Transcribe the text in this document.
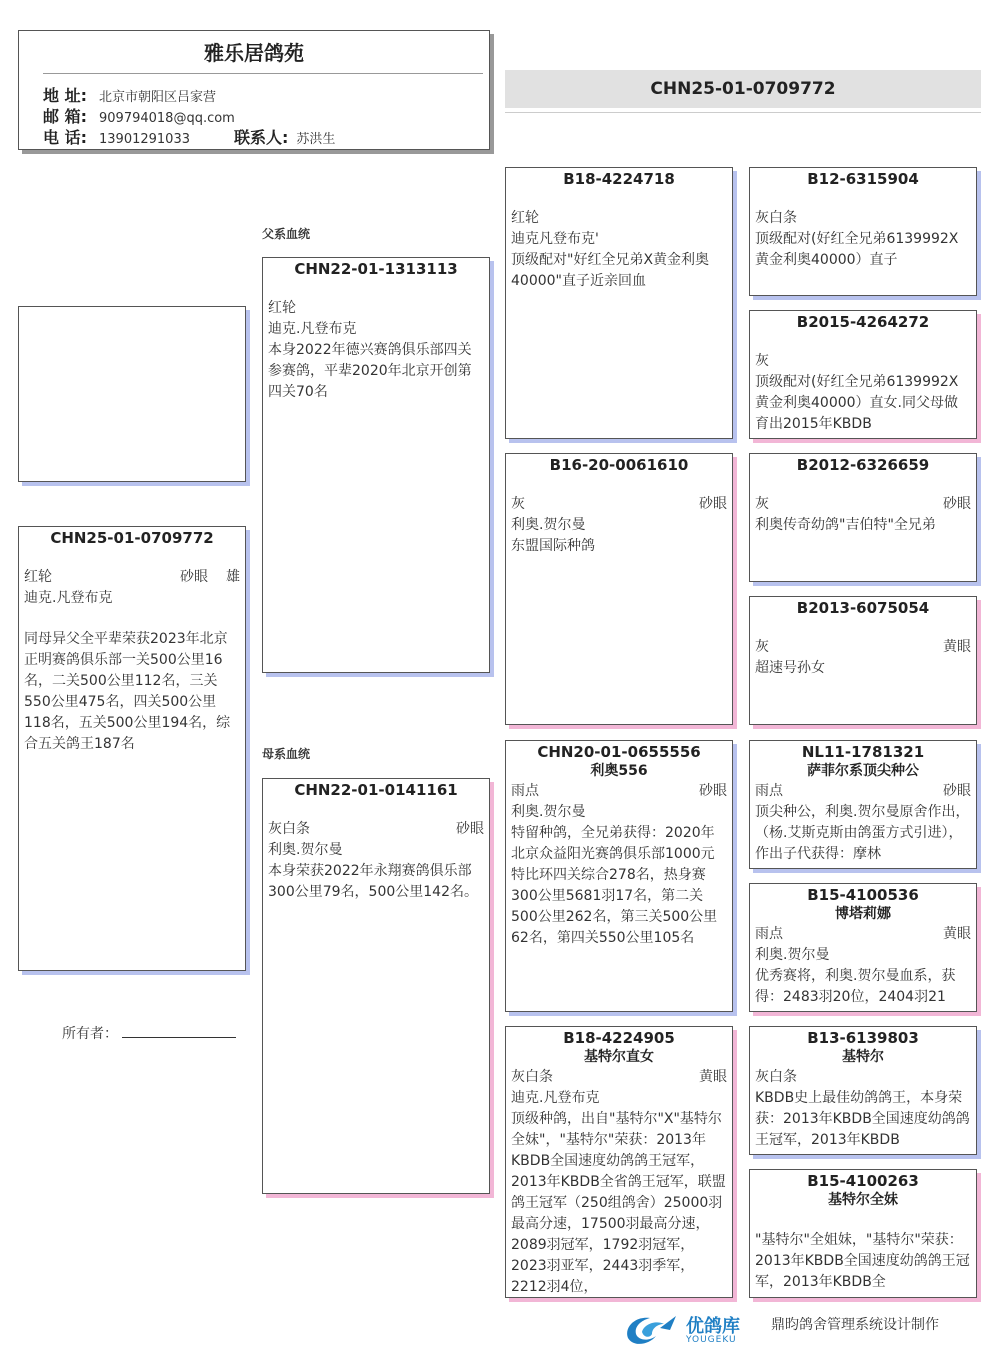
雅乐居鸽苑
地 址: 北京市朝阳区吕家营
邮 箱: 909794018@qq.com
电 话: 13901291033	联系人: 苏洪生
CHN25-01-0709772
父系血统
母系血统
CHN25-01-0709772
红轮	砂眼 雄
迪克.凡登布克
同母异父全平辈荣获2023年北京正明赛鸽俱乐部一关500公里16名，二关500公里112名，三关550公里475名，四关500公里118名，五关500公里194名，综合五关鸽王187名
CHN22-01-1313113
红轮
迪克.凡登布克
本身2022年德兴赛鸽俱乐部四关参赛鸽，平辈2020年北京开创第四关70名
CHN22-01-0141161
灰白条	砂眼
利奥.贺尔曼
本身荣获2022年永翔赛鸽俱乐部300公里79名，500公里142名。
B18-4224718
红轮
迪克凡登布克'
顶级配对"好红全兄弟X黄金利奥40000"直子近亲回血
B16-20-0061610
灰	砂眼
利奥.贺尔曼
东盟国际种鸽
CHN20-01-0655556
利奥556
雨点	砂眼
利奥.贺尔曼
特留种鸽，全兄弟获得：2020年北京众益阳光赛鸽俱乐部1000元特比环四关综合278名，热身赛300公里5681羽17名，第二关500公里262名，第三关500公里62名，第四关550公里105名
B18-4224905
基特尔直女
灰白条	黄眼
迪克.凡登布克
顶级种鸽，出自"基特尔"X"基特尔全妹"，"基特尔"荣获：2013年KBDB全国速度幼鸽鸽王冠军，2013年KBDB全省鸽王冠军，联盟鸽王冠军（250组鸽舍）25000羽最高分速，17500羽最高分速，2089羽冠军，1792羽冠军，2023羽亚军，2443羽季军，2212羽4位，
B12-6315904
灰白条
顶级配对(好红全兄弟6139992X黄金利奥40000）直子
B2015-4264272
灰
顶级配对(好红全兄弟6139992X黄金利奥40000）直女.同父母做育出2015年KBDB
B2012-6326659
灰	砂眼
利奥传奇幼鸽"吉伯特"全兄弟
B2013-6075054
灰	黄眼
超速号孙女
NL11-1781321
萨菲尔系顶尖种公
雨点	砂眼
顶尖种公，利奥.贺尔曼原舍作出，（杨.艾斯克斯由鸽蛋方式引进），作出子代获得：摩林
B15-4100536
博塔莉娜
雨点	黄眼
利奥.贺尔曼
优秀赛将，利奥.贺尔曼血系，获得：2483羽20位，2404羽21
B13-6139803
基特尔
灰白条
KBDB史上最佳幼鸽鸽王，本身荣获：2013年KBDB全国速度幼鸽鸽王冠军，2013年KBDB
B15-4100263
基特尔全妹
"基特尔"全姐妹，"基特尔"荣获：2013年KBDB全国速度幼鸽鸽王冠军，2013年KBDB全
所有者：
优鸽库
YOUGEKU
鼎昀鸽舍管理系统设计制作
